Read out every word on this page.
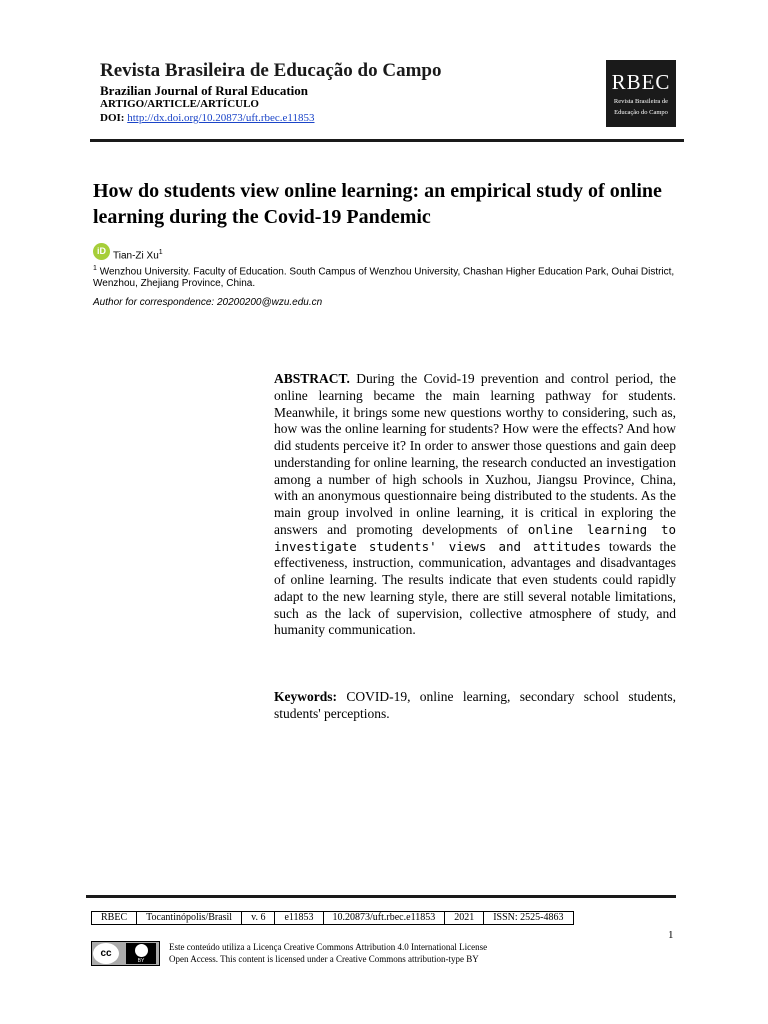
Revista Brasileira de Educação do Campo
Brazilian Journal of Rural Education
ARTIGO/ARTICLE/ARTÍCULO
DOI: http://dx.doi.org/10.20873/uft.rbec.e11853
RBEC
Revista Brasileira de
Educação do Campo
How do students view online learning: an empirical study of online learning during the Covid-19 Pandemic
iD Tian-Zi Xu$^1$
$^1$ Wenzhou University. Faculty of Education. South Campus of Wenzhou University, Chashan Higher Education Park, Ouhai District, Wenzhou, Zhejiang Province, China.
Author for correspondence: 20200200@wzu.edu.cn
ABSTRACT. During the Covid-19 prevention and control period, the online learning became the main learning pathway for students. Meanwhile, it brings some new questions worthy to considering, such as, how was the online learning for students? How were the effects? And how did students perceive it? In order to answer those questions and gain deep understanding for online learning, the research conducted an investigation among a number of high schools in Xuzhou, Jiangsu Province, China, with an anonymous questionnaire being distributed to the students. As the main group involved in online learning, it is critical in exploring the answers and promoting developments of online learning to investigate students' views and attitudes towards the effectiveness, instruction, communication, advantages and disadvantages of online learning. The results indicate that even students could rapidly adapt to the new learning style, there are still several notable limitations, such as the lack of supervision, collective atmosphere of study, and humanity communication.
Keywords: COVID-19, online learning, secondary school students, students' perceptions.
RBEC	Tocantinópolis/Brasil	v. 6	e11853	10.20873/uft.rbec.e11853	2021	ISSN: 2525-4863
1
cc
BY
Este conteúdo utiliza a Licença Creative Commons Attribution 4.0 International License
Open Access. This content is licensed under a Creative Commons attribution-type BY
